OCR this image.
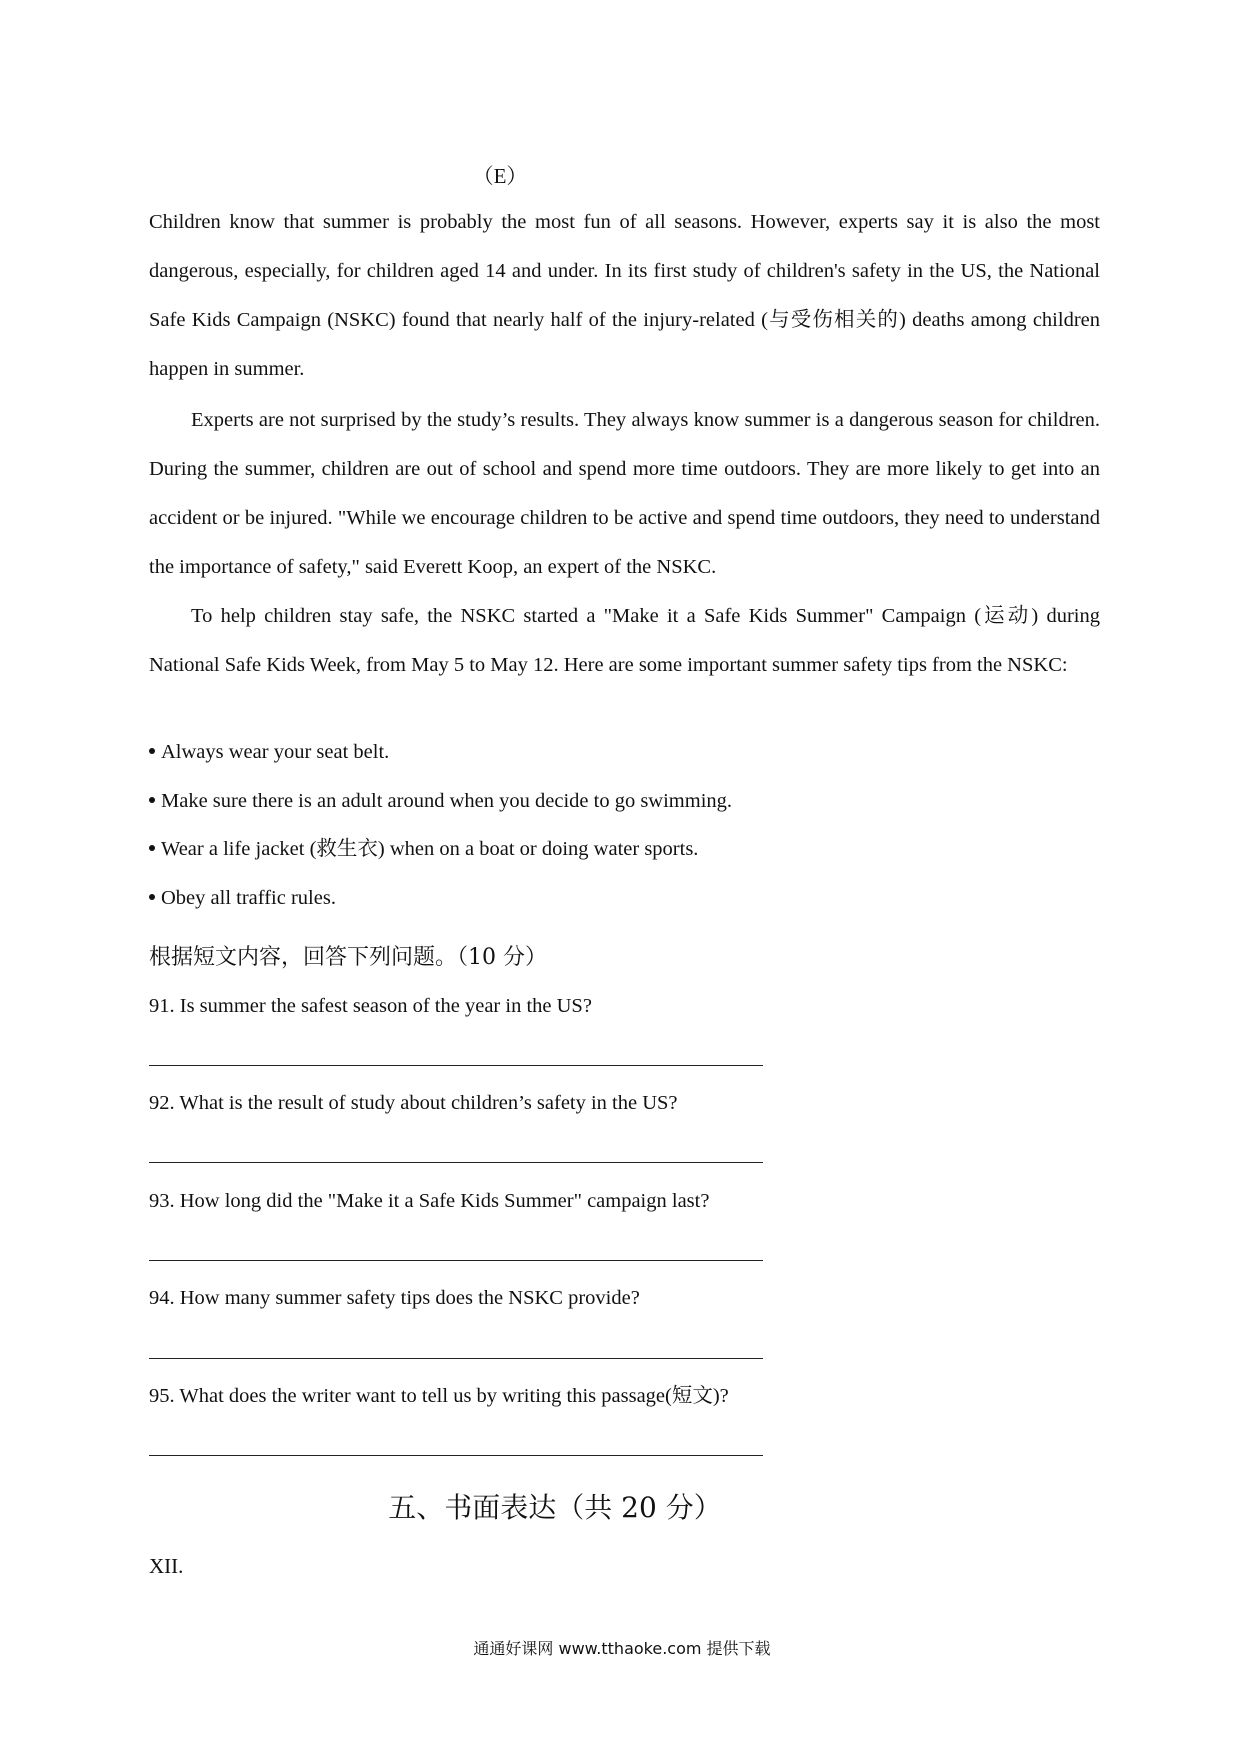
（E）

Children know that summer is probably the most fun of all seasons. However, experts say it is also the most dangerous, especially, for children aged 14 and under. In its first study of children's safety in the US, the National Safe Kids Campaign (NSKC) found that nearly half of the injury-related (与受伤相关的) deaths among children happen in summer.

Experts are not surprised by the study’s results. They always know summer is a dangerous season for children. During the summer, children are out of school and spend more time outdoors. They are more likely to get into an accident or be injured. "While we encourage children to be active and spend time outdoors, they need to understand the importance of safety," said Everett Koop, an expert of the NSKC.

To help children stay safe, the NSKC started a "Make it a Safe Kids Summer" Campaign (运动) during National Safe Kids Week, from May 5 to May 12. Here are some important summer safety tips from the NSKC:

Always wear your seat belt.
Make sure there is an adult around when you decide to go swimming.
Wear a life jacket (救生衣) when on a boat or doing water sports.
Obey all traffic rules.
根据短文内容，回答下列问题。（10 分）
91. Is summer the safest season of the year in the US?
92. What is the result of study about children’s safety in the US?
93. How long did the "Make it a Safe Kids Summer" campaign last?
94. How many summer safety tips does the NSKC provide?
95. What does the writer want to tell us by writing this passage(短文)?
五、书面表达（共 20 分）
XII.
通通好课网 www.tthaoke.com 提供下载
